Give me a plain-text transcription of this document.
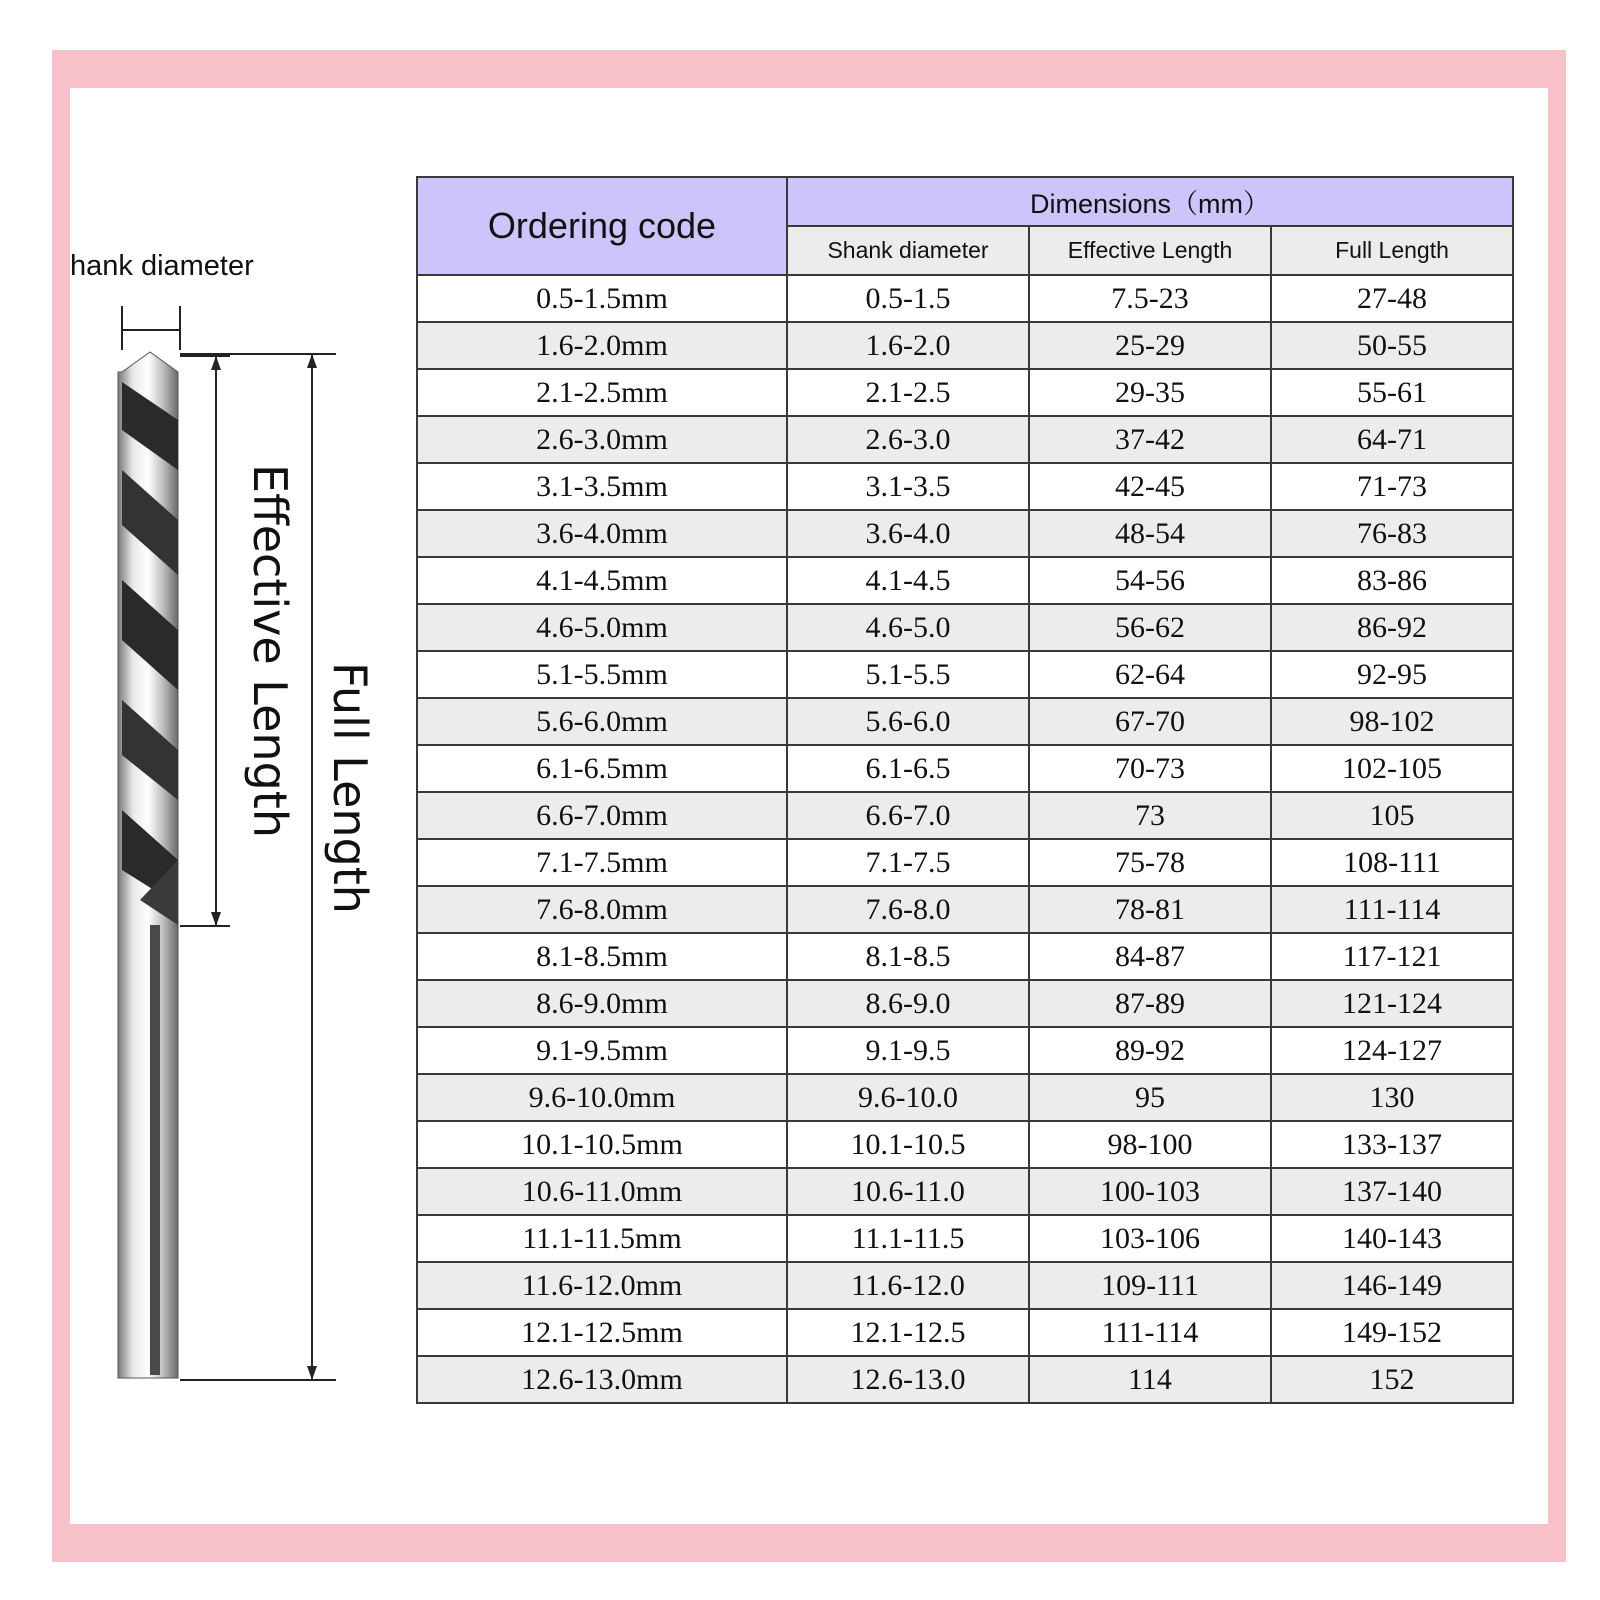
hank diameter
Effective Length Full Length
Ordering code	Dimensions（mm）		
	Shank diameter	Effective Length	Full Length
0.5-1.5mm	0.5-1.5	7.5-23	27-48
1.6-2.0mm	1.6-2.0	25-29	50-55
2.1-2.5mm	2.1-2.5	29-35	55-61
2.6-3.0mm	2.6-3.0	37-42	64-71
3.1-3.5mm	3.1-3.5	42-45	71-73
3.6-4.0mm	3.6-4.0	48-54	76-83
4.1-4.5mm	4.1-4.5	54-56	83-86
4.6-5.0mm	4.6-5.0	56-62	86-92
5.1-5.5mm	5.1-5.5	62-64	92-95
5.6-6.0mm	5.6-6.0	67-70	98-102
6.1-6.5mm	6.1-6.5	70-73	102-105
6.6-7.0mm	6.6-7.0	73	105
7.1-7.5mm	7.1-7.5	75-78	108-111
7.6-8.0mm	7.6-8.0	78-81	111-114
8.1-8.5mm	8.1-8.5	84-87	117-121
8.6-9.0mm	8.6-9.0	87-89	121-124
9.1-9.5mm	9.1-9.5	89-92	124-127
9.6-10.0mm	9.6-10.0	95	130
10.1-10.5mm	10.1-10.5	98-100	133-137
10.6-11.0mm	10.6-11.0	100-103	137-140
11.1-11.5mm	11.1-11.5	103-106	140-143
11.6-12.0mm	11.6-12.0	109-111	146-149
12.1-12.5mm	12.1-12.5	111-114	149-152
12.6-13.0mm	12.6-13.0	114	152
